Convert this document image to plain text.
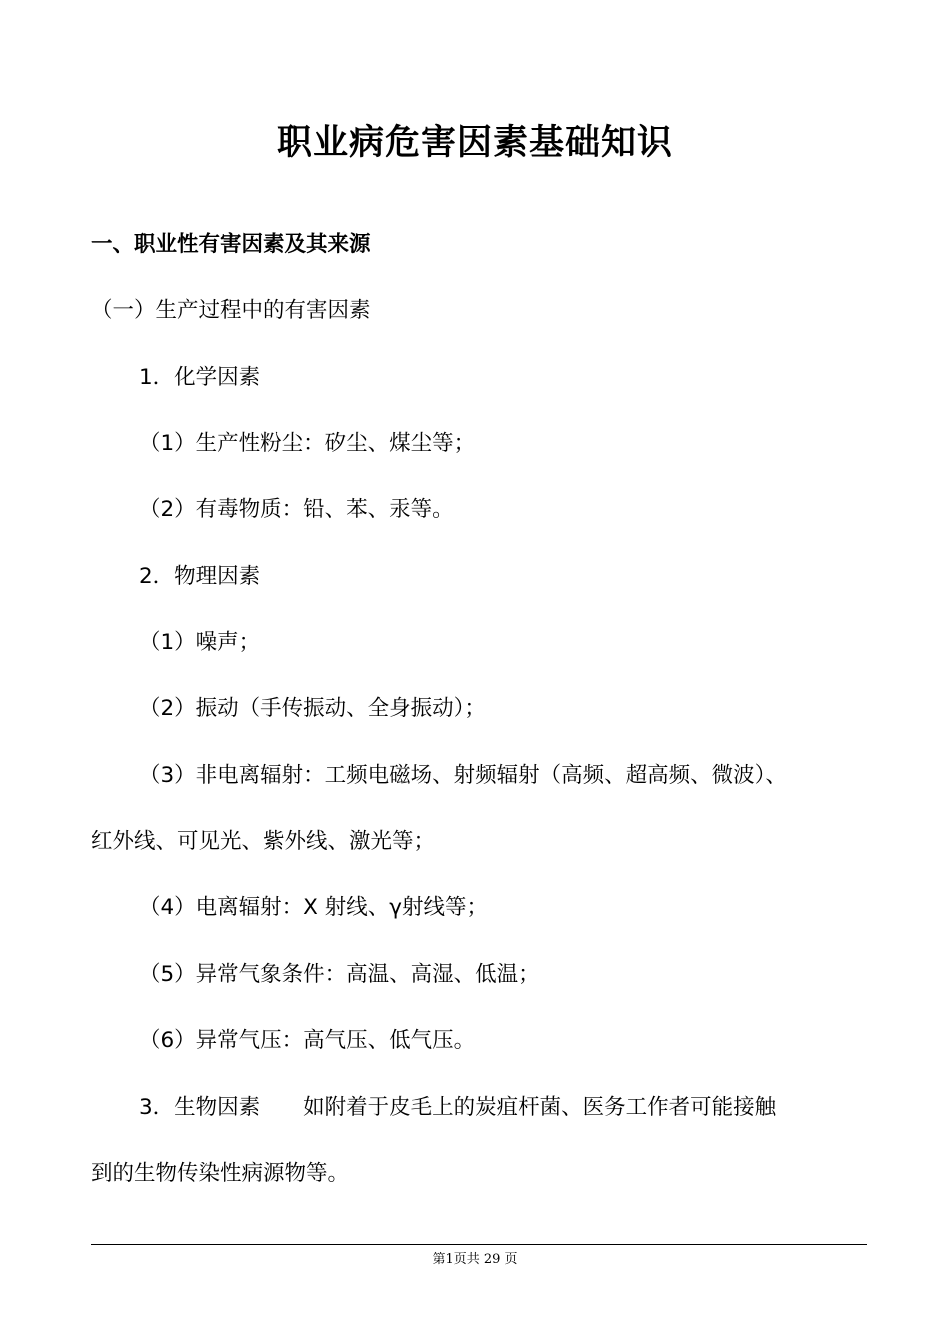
职业病危害因素基础知识
一、职业性有害因素及其来源
（一）生产过程中的有害因素
1．化学因素
（1）生产性粉尘：矽尘、煤尘等；
（2）有毒物质：铅、苯、汞等。
2．物理因素
（1）噪声；
（2）振动（手传振动、全身振动）；
（3）非电离辐射：工频电磁场、射频辐射（高频、超高频、微波）、
红外线、可见光、紫外线、激光等；
（4）电离辐射：X 射线、γ射线等；
（5）异常气象条件：高温、高湿、低温；
（6）异常气压：高气压、低气压。
3．生物因素　　如附着于皮毛上的炭疽杆菌、医务工作者可能接触
到的生物传染性病源物等。
第1页共 29 页
